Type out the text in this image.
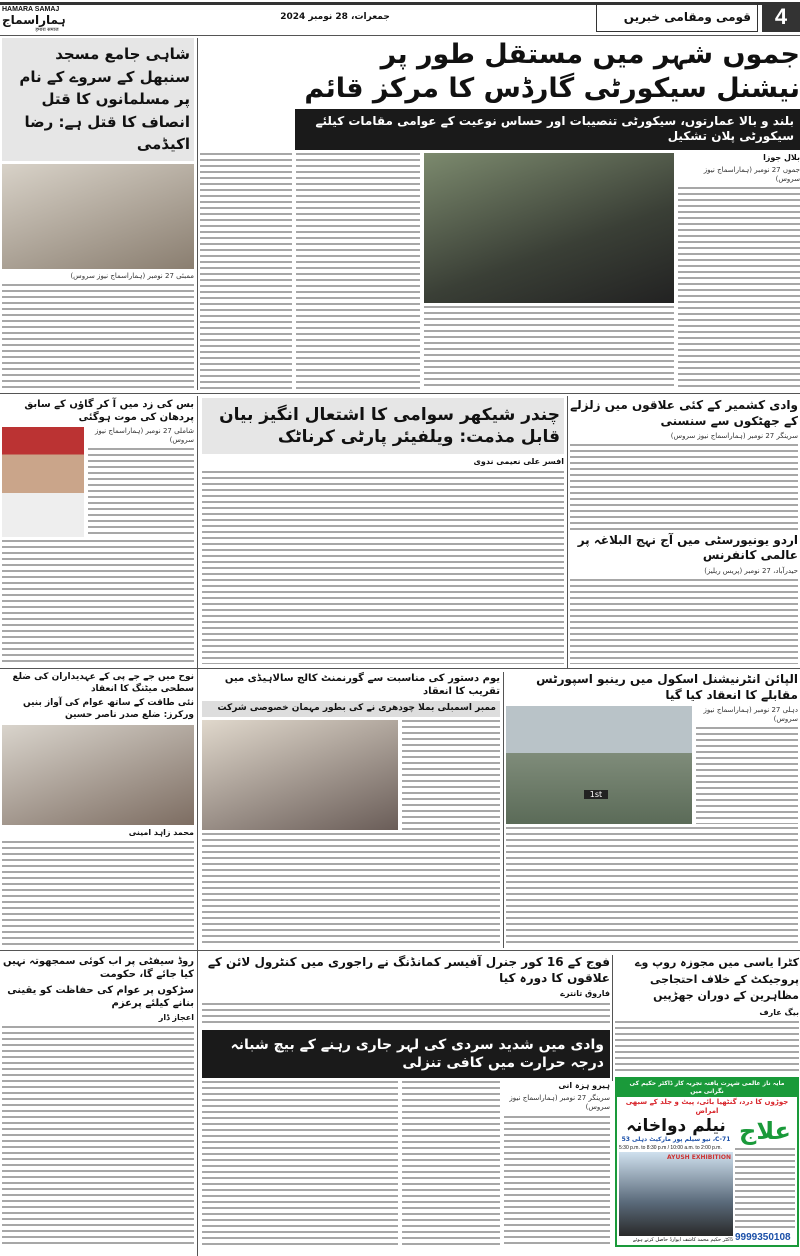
HAMARA SAMAJ
ہماراسماج
हमारा समाज
جمعرات، 28 نومبر 2024	قومی ومقامی خبریں	4
جموں شہر میں مستقل طور پر نیشنل سیکورٹی گارڈس کا مرکز قائم
بلند و بالا عمارتوں، سیکورٹی تنصیبات اور حساس نوعیت کے عوامی مقامات کیلئے سیکورٹی پلان تشکیل
بلال جوزا
جموں 27 نومبر (ہماراسماج نیوز سروس)
شاہی جامع مسجد سنبھل کے سروے کے نام پر مسلمانوں کا قتل انصاف کا قتل ہے: رضا اکیڈمی
ممبئی 27 نومبر (ہماراسماج نیوز سروس)
بس کی زد میں آ کر گاؤں کے سابق پردھان کی موت ہوگئی
شاملی 27 نومبر (ہماراسماج نیوز سروس)
چندر شیکھر سوامی کا اشتعال انگیز بیان قابل مذمت: ویلفیئر پارٹی کرناٹک
افسر علی نعیمی ندوی
وادی کشمیر کے کئی علاقوں میں زلزلے کے جھٹکوں سے سنسنی
سرینگر 27 نومبر (ہماراسماج نیوز سروس)
اردو یونیورسٹی میں آج نہج البلاغہ پر عالمی کانفرنس
حیدرآباد، 27 نومبر (پریس ریلیز)
نوح میں جے جے پی کے عہدیداران کی ضلع سطحی میٹنگ کا انعقاد
نئی طاقت کے ساتھ عوام کی آواز بنیں ورکرز: ضلع صدر ناصر حسین
محمد زاہد امینی
یوم دستور کی مناسبت سے گورنمنٹ کالج سالاہیڈی میں تقریب کا انعقاد
ممبر اسمبلی بملا چودھری نے کی بطور مہمان خصوصی شرکت
الپائن انٹرنیشنل اسکول میں رینبو اسپورٹس مقابلے کا انعقاد کیا گیا
1st
دہلی 27 نومبر (ہماراسماج نیوز سروس)
روڈ سیفٹی پر اب کوئی سمجھوتہ نہیں کیا جائے گا، حکومت
سڑکوں پر عوام کی حفاظت کو یقینی بنانے کیلئے پرعزم
اعجاز ڈار
فوج کے 16 کور جنرل آفیسر کمانڈنگ نے راجوری میں کنٹرول لائن کے علاقوں کا دورہ کیا
فاروق تانترے
وادی میں شدید سردی کی لہر جاری رہنے کے بیچ شبانہ درجہ حرارت میں کافی تنزلی
ہیرو ہزہ انی
سرینگر 27 نومبر (ہماراسماج نیوز سروس)
کٹرا یاسی میں مجوزہ روپ وے پروجیکٹ کے خلاف احتجاجی مظاہرین کے دوران جھڑپیں
بیگ عارف
مایہ ناز عالمی شہرت یافتہ تجربہ کار ڈاکٹر حکیم کی نگرانی میں
جوڑوں کا درد، گنٹھیا بائی، پیٹ و جلد کے سبھی امراض
نیلم دواخانہ
C-71، نیو سیلم پور مارکیٹ دہلی 53
5:30 p.m. to 8:30 p.m / 10:00 a.m. to 2:00 p.m.
AYUSH EXHIBITION
ڈاکٹر حکیم محمد کاشف ایوارڈ حاصل کرتے ہوئے
علاج
9999350108
